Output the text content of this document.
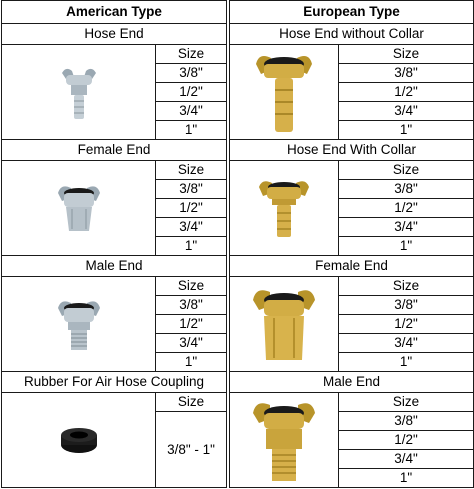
American Type			European Type	
Hose End			Hose End without Collar	

	Size			Size
	3/8"			3/8"
	1/2"			1/2"
	3/4"			3/4"
	1"			1"
Female End			Hose End With Collar	

	Size			Size
	3/8"			3/8"
	1/2"			1/2"
	3/4"			3/4"
	1"			1"
Male End			Female End	

	Size			Size
	3/8"			3/8"
	1/2"			1/2"
	3/4"			3/4"
	1"			1"
Rubber For Air Hose Coupling			Male End	

	Size			Size
	3/8" - 1"			3/8"
				1/2"
				3/4"
				1"
